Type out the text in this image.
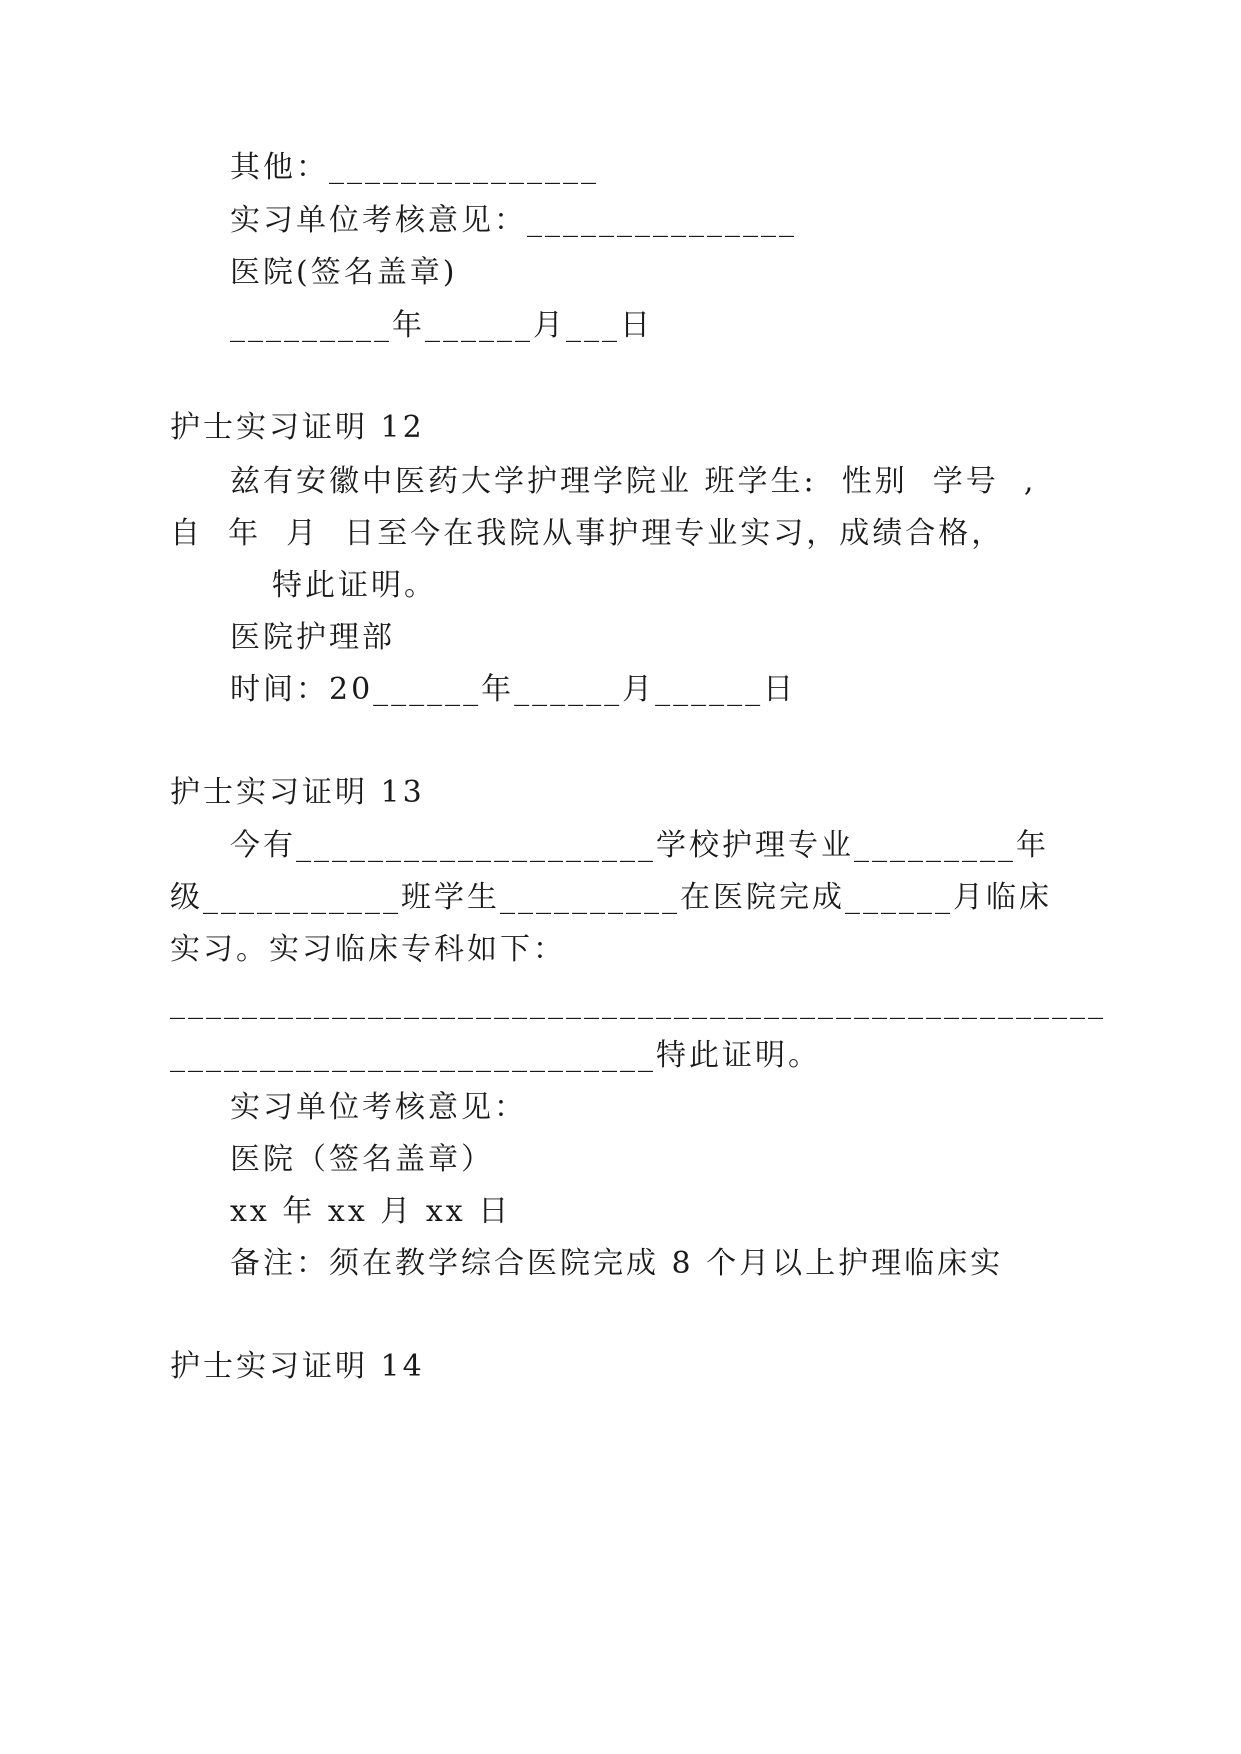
其他：_______________
实习单位考核意见：_______________
医院(签名盖章)
_________年______月___日
护士实习证明 12
兹有安徽中医药大学护理学院业 班学生:  性别  学号  ,
自  年  月  日至今在我院从事护理专业实习，成绩合格，
特此证明。
医院护理部
时间：20______年______月______日
护士实习证明 13
今有____________________学校护理专业_________年
级___________班学生__________在医院完成______月临床
实习。实习临床专科如下：
____________________________________________________
___________________________特此证明。
实习单位考核意见：
医院（签名盖章）
xx 年 xx 月 xx 日
备注：须在教学综合医院完成 8 个月以上护理临床实
护士实习证明 14
